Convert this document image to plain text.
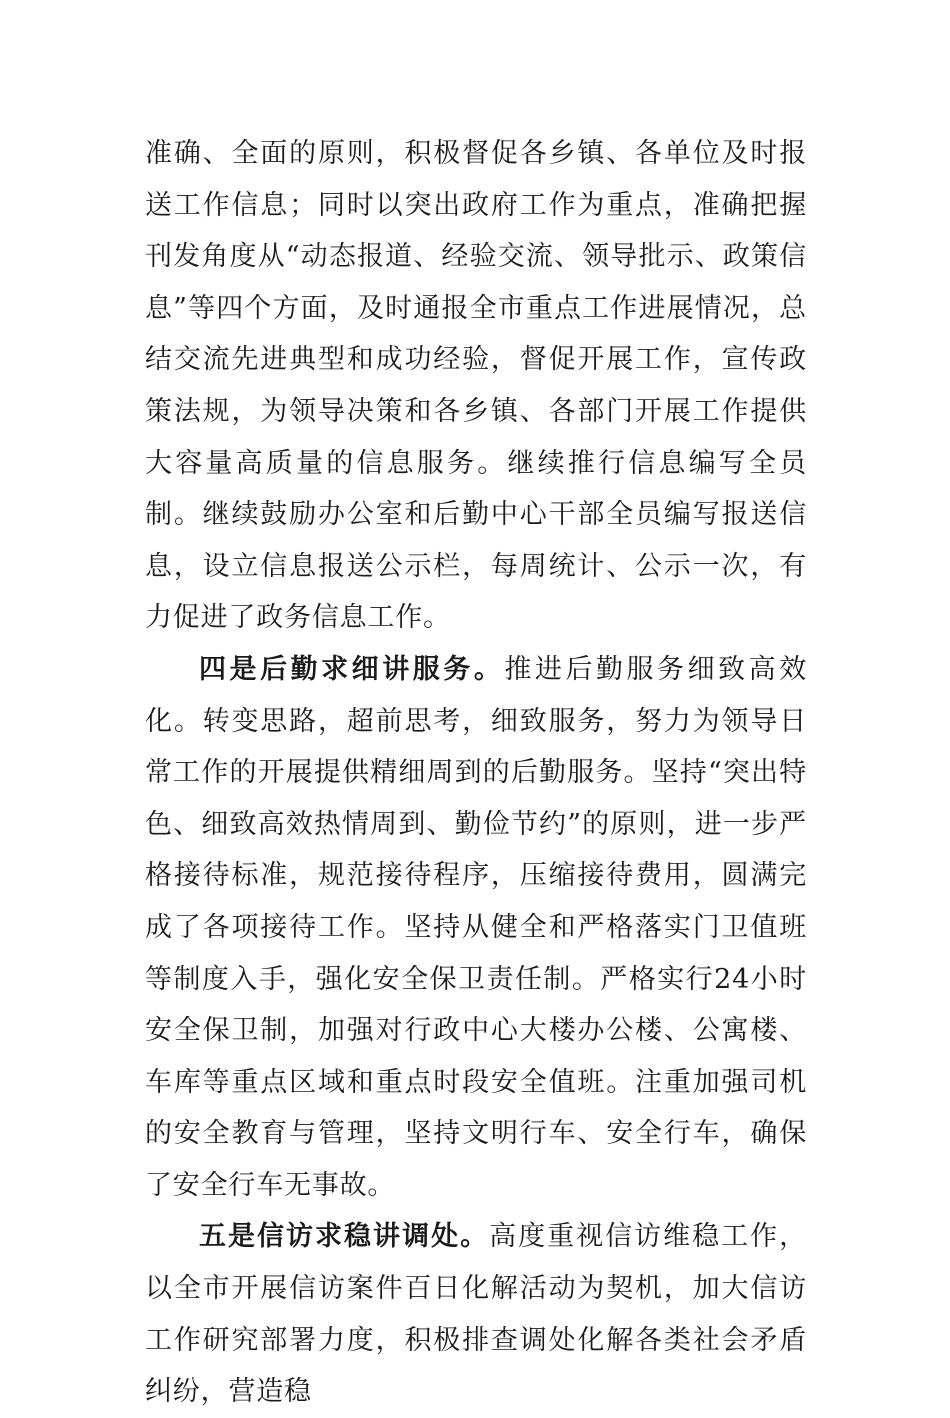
准确、全面的原则，积极督促各乡镇、各单位及时报送工作信息；同时以突出政府工作为重点，准确把握刊发角度从“动态报道、经验交流、领导批示、政策信息”等四个方面，及时通报全市重点工作进展情况，总结交流先进典型和成功经验，督促开展工作，宣传政策法规，为领导决策和各乡镇、各部门开展工作提供大容量高质量的信息服务。继续推行信息编写全员制。继续鼓励办公室和后勤中心干部全员编写报送信息，设立信息报送公示栏，每周统计、公示一次，有力促进了政务信息工作。

四是后勤求细讲服务。推进后勤服务细致高效化。转变思路，超前思考，细致服务，努力为领导日常工作的开展提供精细周到的后勤服务。坚持“突出特色、细致高效热情周到、勤俭节约”的原则，进一步严格接待标准，规范接待程序，压缩接待费用，圆满完成了各项接待工作。坚持从健全和严格落实门卫值班等制度入手，强化安全保卫责任制。严格实行24小时安全保卫制，加强对行政中心大楼办公楼、公寓楼、车库等重点区域和重点时段安全值班。注重加强司机的安全教育与管理，坚持文明行车、安全行车，确保了安全行车无事故。

五是信访求稳讲调处。高度重视信访维稳工作，以全市开展信访案件百日化解活动为契机，加大信访工作研究部署力度，积极排查调处化解各类社会矛盾纠纷，营造稳
